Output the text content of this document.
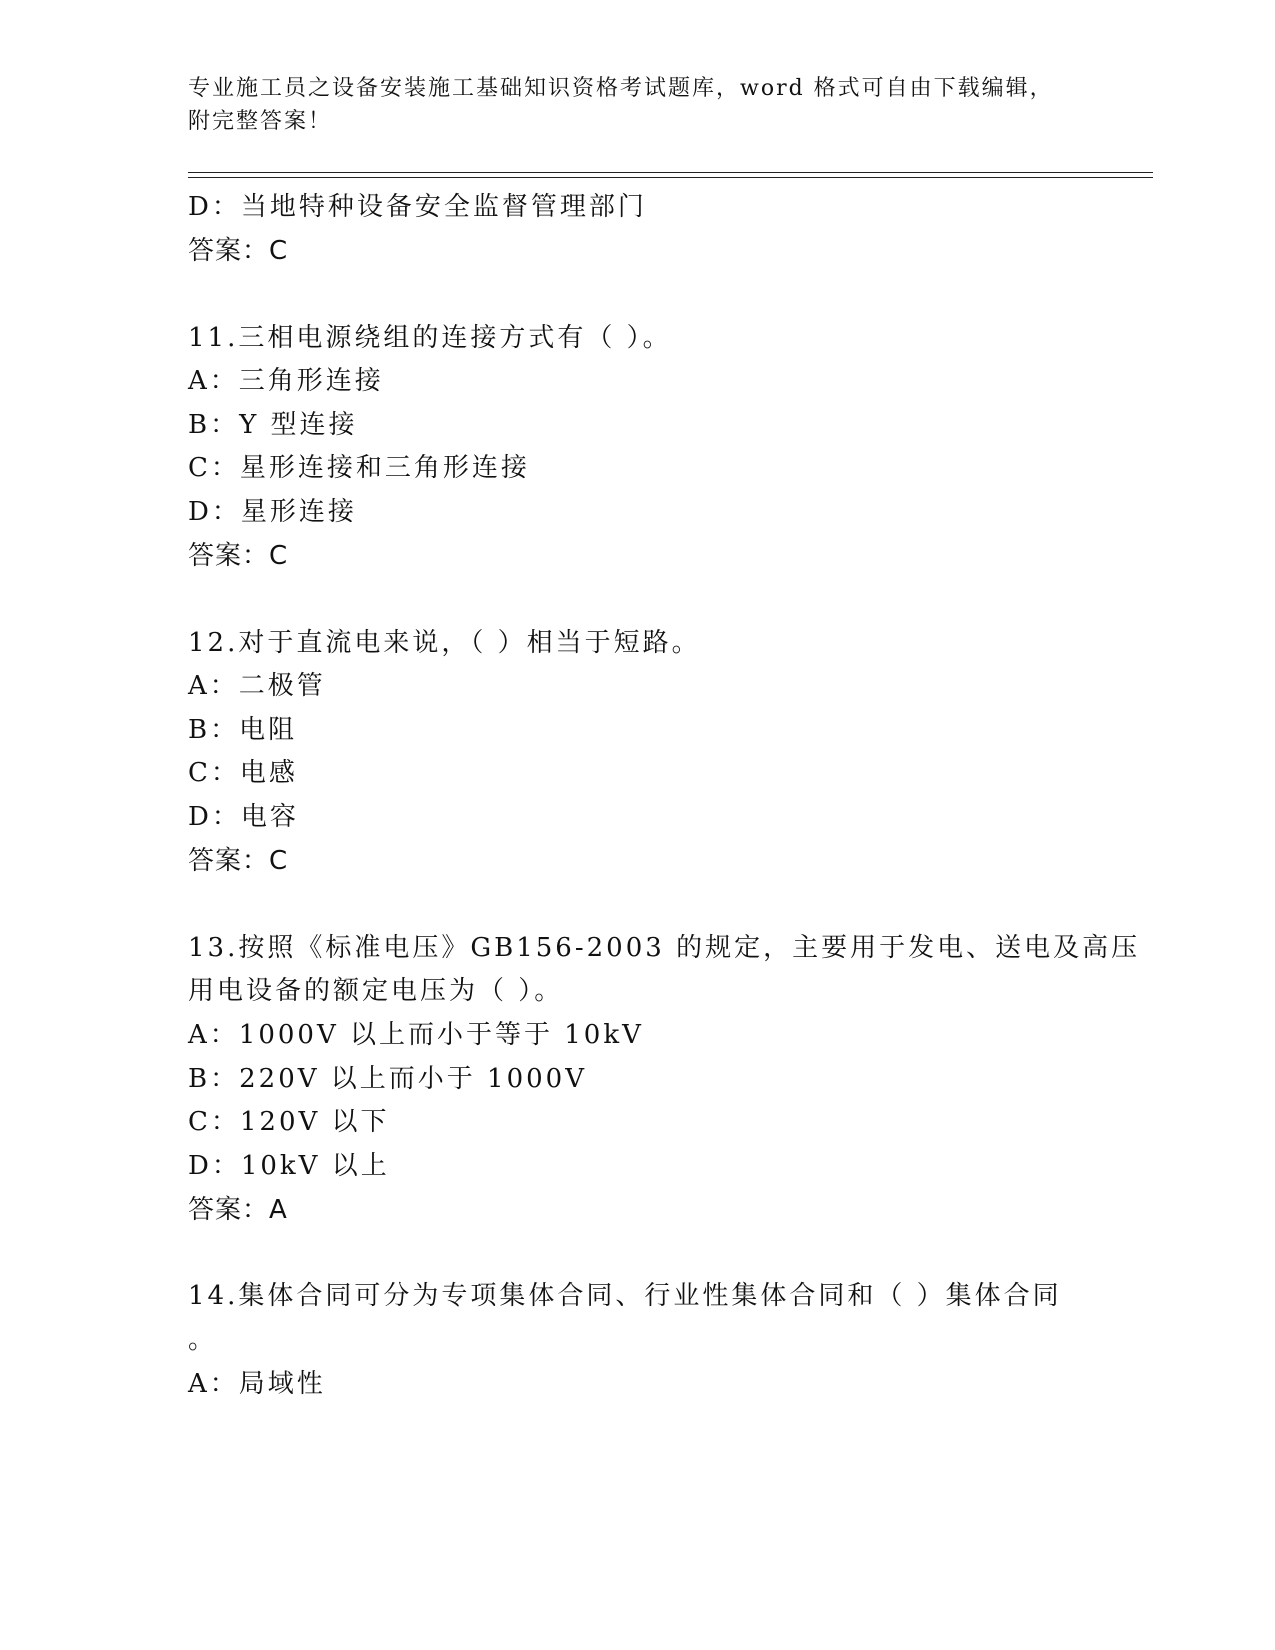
专业施工员之设备安装施工基础知识资格考试题库，word 格式可自由下载编辑，
附完整答案！

D：当地特种设备安全监督管理部门

答案：C

11.三相电源绕组的连接方式有（ ）。

A：三角形连接

B：Y 型连接

C：星形连接和三角形连接

D：星形连接

答案：C

12.对于直流电来说，（ ）相当于短路。

A：二极管

B：电阻

C：电感

D：电容

答案：C

13.按照《标准电压》GB156-2003 的规定，主要用于发电、送电及高压

用电设备的额定电压为（ ）。

A：1000V 以上而小于等于 10kV

B：220V 以上而小于 1000V

C：120V 以下

D：10kV 以上

答案：A

14.集体合同可分为专项集体合同、行业性集体合同和（ ）集体合同

。

A：局域性
